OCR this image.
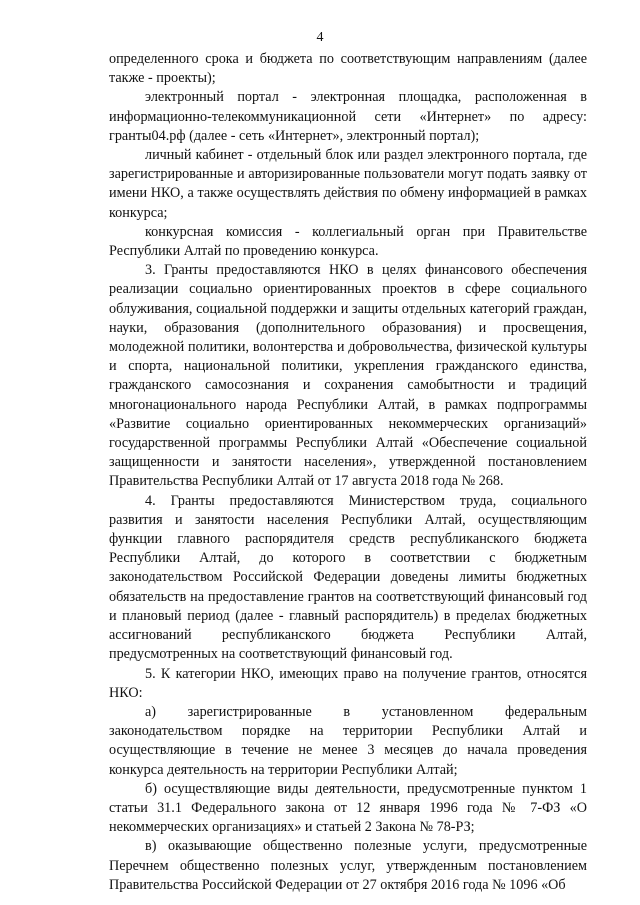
4

определенного срока и бюджета по соответствующим направлениям (далее также - проекты);

электронный портал - электронная площадка, расположенная в информационно-телекоммуникационной сети «Интернет» по адресу: гранты04.рф (далее - сеть «Интернет», электронный портал);

личный кабинет - отдельный блок или раздел электронного портала, где зарегистрированные и авторизированные пользователи могут подать заявку от имени НКО, а также осуществлять действия по обмену информацией в рамках конкурса;

конкурсная комиссия - коллегиальный орган при Правительстве Республики Алтай по проведению конкурса.

3. Гранты предоставляются НКО в целях финансового обеспечения реализации социально ориентированных проектов в сфере социального облуживания, социальной поддержки и защиты отдельных категорий граждан, науки, образования (дополнительного образования) и просвещения, молодежной политики, волонтерства и добровольчества, физической культуры и спорта, национальной политики, укрепления гражданского единства, гражданского самосознания и сохранения самобытности и традиций многонационального народа Республики Алтай, в рамках подпрограммы «Развитие социально ориентированных некоммерческих организаций» государственной программы Республики Алтай «Обеспечение социальной защищенности и занятости населения», утвержденной постановлением Правительства Республики Алтай от 17 августа 2018 года № 268.

4. Гранты предоставляются Министерством труда, социального развития и занятости населения Республики Алтай, осуществляющим функции главного распорядителя средств республиканского бюджета Республики Алтай, до которого в соответствии с бюджетным законодательством Российской Федерации доведены лимиты бюджетных обязательств на предоставление грантов на соответствующий финансовый год и плановый период (далее - главный распорядитель) в пределах бюджетных ассигнований республиканского бюджета Республики Алтай, предусмотренных на соответствующий финансовый год.

5. К категории НКО, имеющих право на получение грантов, относятся НКО:

а) зарегистрированные в установленном федеральным законодательством порядке на территории Республики Алтай и осуществляющие в течение не менее 3 месяцев до начала проведения конкурса деятельность на территории Республики Алтай;

б) осуществляющие виды деятельности, предусмотренные пунктом 1 статьи 31.1 Федерального закона от 12 января 1996 года № 7-ФЗ «О некоммерческих организациях» и статьей 2 Закона № 78-РЗ;

в) оказывающие общественно полезные услуги, предусмотренные Перечнем общественно полезных услуг, утвержденным постановлением Правительства Российской Федерации от 27 октября 2016 года № 1096 «Об
